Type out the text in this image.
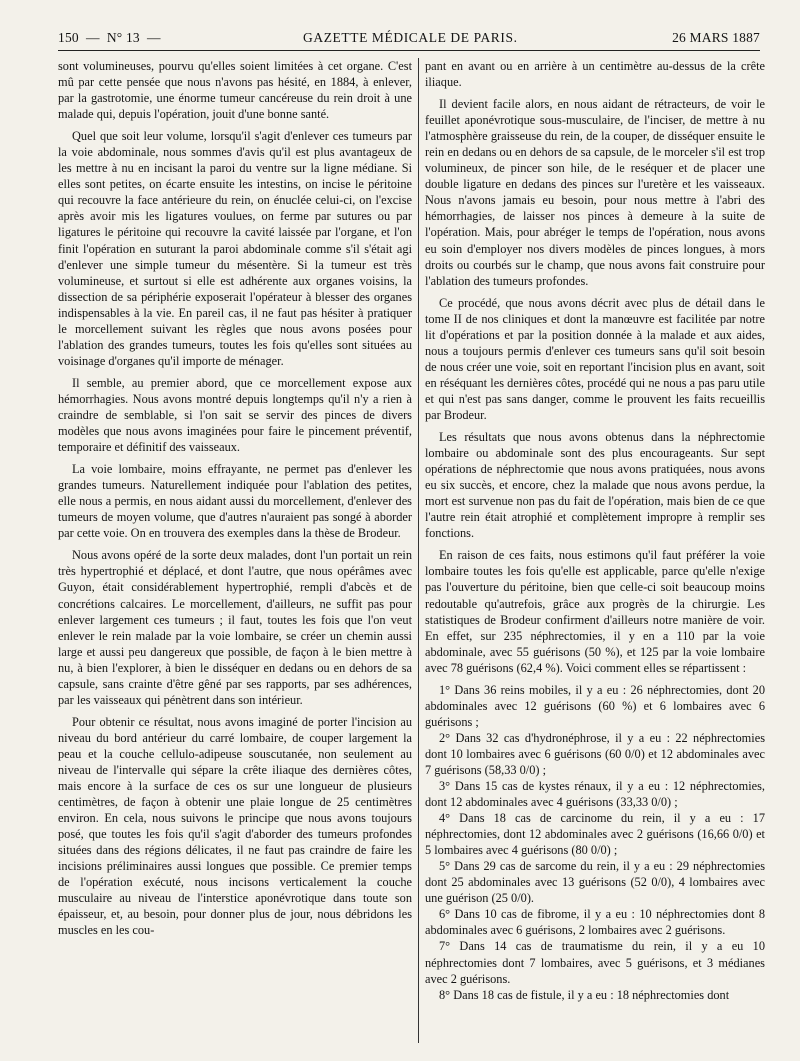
150  —  N° 13  —	GAZETTE MÉDICALE DE PARIS.	26 MARS 1887

sont volumineuses, pourvu qu'elles soient limitées à cet organe. C'est mû par cette pensée que nous n'avons pas hésité, en 1884, à enlever, par la gastrotomie, une énorme tumeur cancéreuse du rein droit à une malade qui, depuis l'opération, jouit d'une bonne santé.

Quel que soit leur volume, lorsqu'il s'agit d'enlever ces tumeurs par la voie abdominale, nous sommes d'avis qu'il est plus avantageux de les mettre à nu en incisant la paroi du ventre sur la ligne médiane. Si elles sont petites, on écarte ensuite les intestins, on incise le péritoine qui recouvre la face antérieure du rein, on énuclée celui-ci, on l'excise après avoir mis les ligatures voulues, on ferme par sutures ou par ligatures le péritoine qui recouvre la cavité laissée par l'organe, et l'on finit l'opération en suturant la paroi abdominale comme s'il s'était agi d'enlever une simple tumeur du mésentère. Si la tumeur est très volumineuse, et surtout si elle est adhérente aux organes voisins, la dissection de sa périphérie exposerait l'opérateur à blesser des organes indispensables à la vie. En pareil cas, il ne faut pas hésiter à pratiquer le morcellement suivant les règles que nous avons posées pour l'ablation des grandes tumeurs, toutes les fois qu'elles sont situées au voisinage d'organes qu'il importe de ménager.

Il semble, au premier abord, que ce morcellement expose aux hémorrhagies. Nous avons montré depuis longtemps qu'il n'y a rien à craindre de semblable, si l'on sait se servir des pinces de divers modèles que nous avons imaginées pour faire le pincement préventif, temporaire et définitif des vaisseaux.

La voie lombaire, moins effrayante, ne permet pas d'enlever les grandes tumeurs. Naturellement indiquée pour l'ablation des petites, elle nous a permis, en nous aidant aussi du morcellement, d'enlever des tumeurs de moyen volume, que d'autres n'auraient pas songé à aborder par cette voie. On en trouvera des exemples dans la thèse de Brodeur.

Nous avons opéré de la sorte deux malades, dont l'un portait un rein très hypertrophié et déplacé, et dont l'autre, que nous opérâmes avec Guyon, était considérablement hypertrophié, rempli d'abcès et de concrétions calcaires. Le morcellement, d'ailleurs, ne suffit pas pour enlever largement ces tumeurs ; il faut, toutes les fois que l'on veut enlever le rein malade par la voie lombaire, se créer un chemin aussi large et aussi peu dangereux que possible, de façon à le bien mettre à nu, à bien l'explorer, à bien le disséquer en dedans ou en dehors de sa capsule, sans crainte d'être gêné par ses rapports, par ses adhérences, par les vaisseaux qui pénètrent dans son intérieur.

Pour obtenir ce résultat, nous avons imaginé de porter l'incision au niveau du bord antérieur du carré lombaire, de couper largement la peau et la couche cellulo-adipeuse souscutanée, non seulement au niveau de l'intervalle qui sépare la crête iliaque des dernières côtes, mais encore à la surface de ces os sur une longueur de plusieurs centimètres, de façon à obtenir une plaie longue de 25 centimètres environ. En cela, nous suivons le principe que nous avons toujours posé, que toutes les fois qu'il s'agit d'aborder des tumeurs profondes situées dans des régions délicates, il ne faut pas craindre de faire les incisions préliminaires aussi longues que possible. Ce premier temps de l'opération exécuté, nous incisons verticalement la couche musculaire au niveau de l'interstice aponévrotique dans toute son épaisseur, et, au besoin, pour donner plus de jour, nous débridons les muscles en les cou-

pant en avant ou en arrière à un centimètre au-dessus de la crête iliaque.

Il devient facile alors, en nous aidant de rétracteurs, de voir le feuillet aponévrotique sous-musculaire, de l'inciser, de mettre à nu l'atmosphère graisseuse du rein, de la couper, de disséquer ensuite le rein en dedans ou en dehors de sa capsule, de le morceler s'il est trop volumineux, de pincer son hile, de le reséquer et de placer une double ligature en dedans des pinces sur l'uretère et les vaisseaux. Nous n'avons jamais eu besoin, pour nous mettre à l'abri des hémorrhagies, de laisser nos pinces à demeure à la suite de l'opération. Mais, pour abréger le temps de l'opération, nous avons eu soin d'employer nos divers modèles de pinces longues, à mors droits ou courbés sur le champ, que nous avons fait construire pour l'ablation des tumeurs profondes.

Ce procédé, que nous avons décrit avec plus de détail dans le tome II de nos cliniques et dont la manœuvre est facilitée par notre lit d'opérations et par la position donnée à la malade et aux aides, nous a toujours permis d'enlever ces tumeurs sans qu'il soit besoin de nous créer une voie, soit en reportant l'incision plus en avant, soit en réséquant les dernières côtes, procédé qui ne nous a pas paru utile et qui n'est pas sans danger, comme le prouvent les faits recueillis par Brodeur.

Les résultats que nous avons obtenus dans la néphrectomie lombaire ou abdominale sont des plus encourageants. Sur sept opérations de néphrectomie que nous avons pratiquées, nous avons eu six succès, et encore, chez la malade que nous avons perdue, la mort est survenue non pas du fait de l'opération, mais bien de ce que l'autre rein était atrophié et complètement impropre à remplir ses fonctions.

En raison de ces faits, nous estimons qu'il faut préférer la voie lombaire toutes les fois qu'elle est applicable, parce qu'elle n'exige pas l'ouverture du péritoine, bien que celle-ci soit beaucoup moins redoutable qu'autrefois, grâce aux progrès de la chirurgie. Les statistiques de Brodeur confirment d'ailleurs notre manière de voir. En effet, sur 235 néphrectomies, il y en a 110 par la voie abdominale, avec 55 guérisons (50 %), et 125 par la voie lombaire avec 78 guérisons (62,4 %). Voici comment elles se répartissent :

1° Dans 36 reins mobiles, il y a eu : 26 néphrectomies, dont 20 abdominales avec 12 guérisons (60 %) et 6 lombaires avec 6 guérisons ;

2° Dans 32 cas d'hydronéphrose, il y a eu : 22 néphrectomies dont 10 lombaires avec 6 guérisons (60 0/0) et 12 abdominales avec 7 guérisons (58,33 0/0) ;

3° Dans 15 cas de kystes rénaux, il y a eu : 12 néphrectomies, dont 12 abdominales avec 4 guérisons (33,33 0/0) ;

4° Dans 18 cas de carcinome du rein, il y a eu : 17 néphrectomies, dont 12 abdominales avec 2 guérisons (16,66 0/0) et 5 lombaires avec 4 guérisons (80 0/0) ;

5° Dans 29 cas de sarcome du rein, il y a eu : 29 néphrectomies dont 25 abdominales avec 13 guérisons (52 0/0), 4 lombaires avec une guérison (25 0/0).

6° Dans 10 cas de fibrome, il y a eu : 10 néphrectomies dont 8 abdominales avec 6 guérisons, 2 lombaires avec 2 guérisons.

7° Dans 14 cas de traumatisme du rein, il y a eu 10 néphrectomies dont 7 lombaires, avec 5 guérisons, et 3 médianes avec 2 guérisons.

8° Dans 18 cas de fistule, il y a eu : 18 néphrectomies dont
